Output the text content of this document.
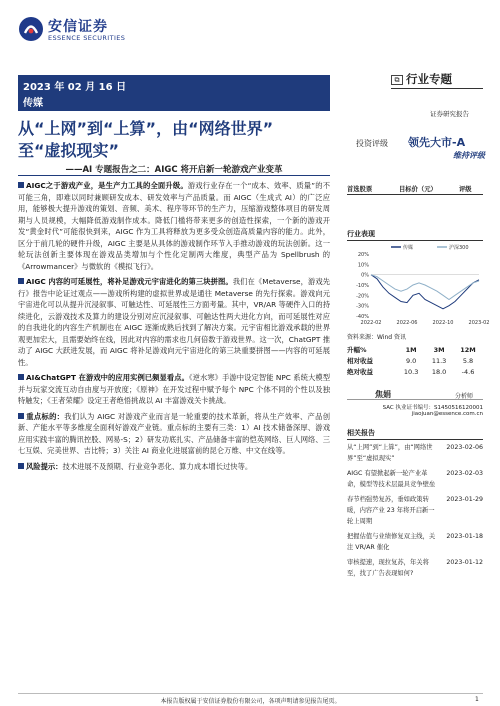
安信证券
ESSENCE SECURITIES
2023 年 02 月 16 日
传媒
⧉ 行业专题
证券研究报告
从“上网”到“上算”，由“网络世界”
至“虚拟现实”
——AI 专题报告之二：AIGC 将开启新一轮游戏产业变革
投资评级 领先大市-A
维持评级

AIGC之于游戏产业，是生产力工具的全面升级。游戏行业存在一个“成本、效率、质量”的不可能三角，即难以同时兼顾研发成本、研发效率与产品质量。而 AIGC（生成式 AI）的广泛应用，能够极大提升游戏的策划、音频、美术、程序等环节的生产力，压缩游戏整体项目的研发周期与人员规模，大幅降低游戏制作成本。降低门槛将带来更多的创造性探索，一个新的游戏开发“黄金时代”可能很快到来，AIGC 作为工具将释放为更多受众创造高质量内容的能力。此外，区分于前几轮的硬件升级，AIGC 主要是从具体的游戏制作环节入手推动游戏的玩法创新。这一轮玩法创新主要体现在游戏品类增加与个性化定制两大维度，典型产品为 Spellbrush 的《Arrowmancer》与微软的《模拟飞行》。

AIGC 内容的可延展性，将补足游戏元宇宙进化的第三块拼图。我们在《Metaverse，游戏先行》报告中论证过观点——游戏所构建的虚拟世界或是通往 Metaverse 的先行探索。游戏向元宇宙进化可以从提升沉浸叙事、可触达性、可延展性三方面考量。其中，VR/AR 等硬件入口的持续进化，云游戏技术及算力的建设分别对应沉浸叙事、可触达性两大进化方向，而可延展性对应的自我进化的内容生产机制也在 AIGC 逐渐成熟后找到了解决方案。元宇宙相比游戏承载的世界观更加宏大，且需要始终在线，因此对内容的需求也几何倍数于游戏世界。这一次，ChatGPT 推动了 AIGC 大跃进发展，而 AIGC 将补足游戏向元宇宙进化的第三块重要拼图——内容的可延展性。

AI&ChatGPT 在游戏中的应用实例已频显看点。《逆水寒》手游中设定智能 NPC 系统大模型并与玩家交流互动自由度与开放度；《原神》在开发过程中赋予每个 NPC 个体不同的个性以及独特触发；《王者荣耀》设定王者绝悟挑战以 AI 丰富游戏关卡挑战。

重点标的：我们认为 AIGC 对游戏产业而言是一轮重要的技术革新，将从生产效率、产品创新、产能水平等多维度全面利好游戏产业链。重点标的主要有三类：1）AI 技术储备深厚、游戏应用实践丰富的腾讯控股、网易-S；2）研发功底扎实、产品储备丰富的恺英网络、巨人网络、三七互娱、完美世界、吉比特；3）关注 AI 商业化进展富前的昆仑万维、中文在线等。

风险提示：技术进展不及预期、行业竞争恶化、算力成本增长过快等。

首选股票	目标价（元）	评级
行业表现
20%
10%
0%
-10%
-20%
-30%
-40%
2022-02	2022-06	2022-10	2023-02
传媒	沪深300
资料来源：Wind 资讯
升幅%	1M	3M	12M
相对收益	9.0	11.3	5.8
绝对收益	10.3	18.0	-4.6
焦娟	分析师
SAC 执业证书编号：S1450516120001
jiaojuan@essence.com.cn
相关报告
从“上网”到“上算”，由“网络世界”至“虚拟现实”
2023-02-06
AIGC 有望掀起新一轮产业革命，模型等技术层最具竞争壁垒
2023-02-03
春节档强势复苏，垂如政策转暖，内容产业 23 年将开启新一轮上周期
2023-01-29
把握估值与业绩修复双主线，关注 VR/AR 催化
2023-01-18
审核提速，现拉复苏，年关将至，找了广告表现如何?
2023-01-12
本报告版权属于安信证券股份有限公司，各项声明请参见报告尾页。	1
